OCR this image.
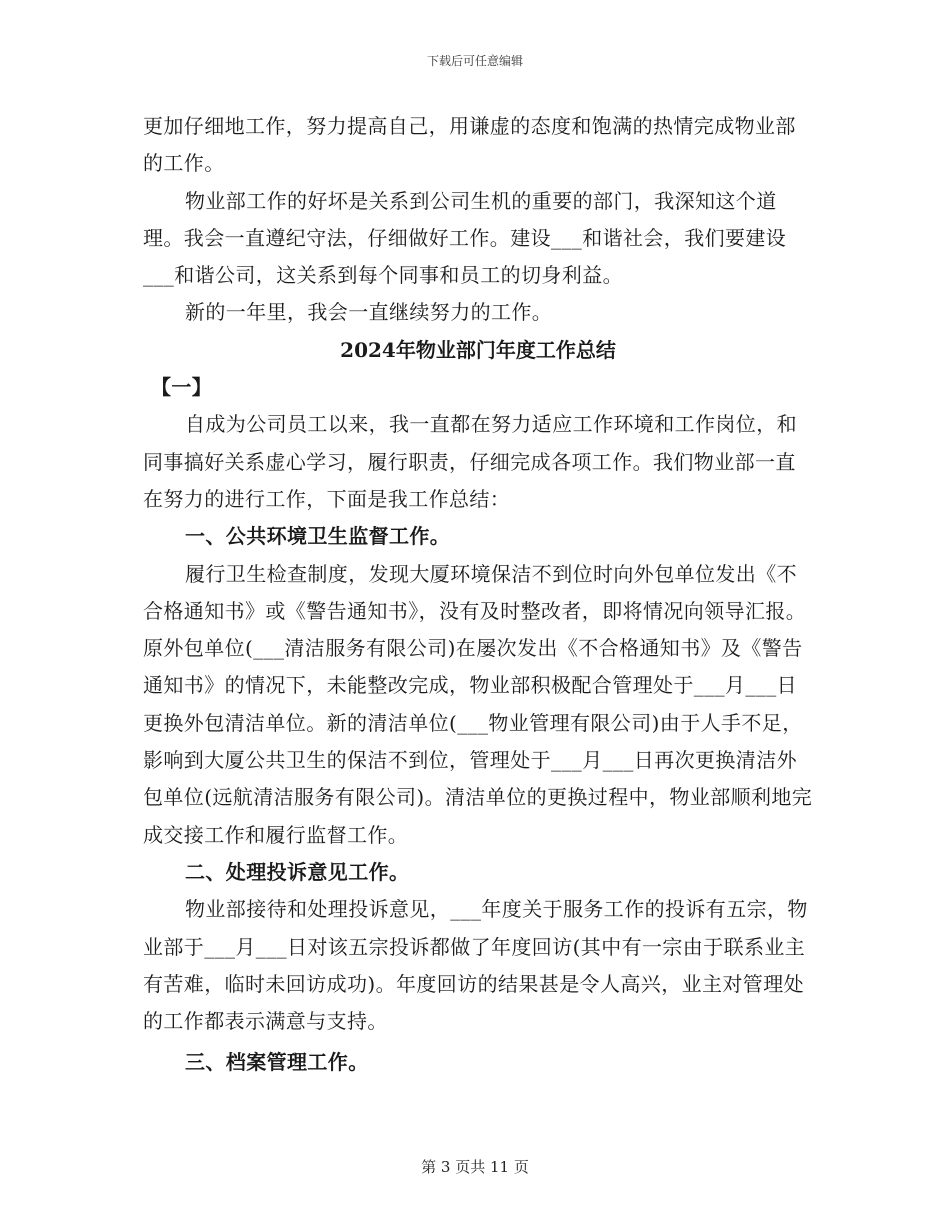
下载后可任意编辑

更加仔细地工作，努力提高自己，用谦虚的态度和饱满的热情完成物业部的工作。

物业部工作的好坏是关系到公司生机的重要的部门，我深知这个道理。我会一直遵纪守法，仔细做好工作。建设___和谐社会，我们要建设___和谐公司，这关系到每个同事和员工的切身利益。

新的一年里，我会一直继续努力的工作。

2024年物业部门年度工作总结

【一】

自成为公司员工以来，我一直都在努力适应工作环境和工作岗位，和同事搞好关系虚心学习，履行职责，仔细完成各项工作。我们物业部一直在努力的进行工作，下面是我工作总结：

一、公共环境卫生监督工作。

履行卫生检查制度，发现大厦环境保洁不到位时向外包单位发出《不合格通知书》或《警告通知书》，没有及时整改者，即将情况向领导汇报。原外包单位(___清洁服务有限公司)在屡次发出《不合格通知书》及《警告通知书》的情况下，未能整改完成，物业部积极配合管理处于___月___日更换外包清洁单位。新的清洁单位(___物业管理有限公司)由于人手不足，影响到大厦公共卫生的保洁不到位，管理处于___月___日再次更换清洁外包单位(远航清洁服务有限公司)。清洁单位的更换过程中，物业部顺利地完成交接工作和履行监督工作。

二、处理投诉意见工作。

物业部接待和处理投诉意见，___年度关于服务工作的投诉有五宗，物业部于___月___日对该五宗投诉都做了年度回访(其中有一宗由于联系业主有苦难，临时未回访成功)。年度回访的结果甚是令人高兴，业主对管理处的工作都表示满意与支持。

三、档案管理工作。

第 3 页共 11 页
